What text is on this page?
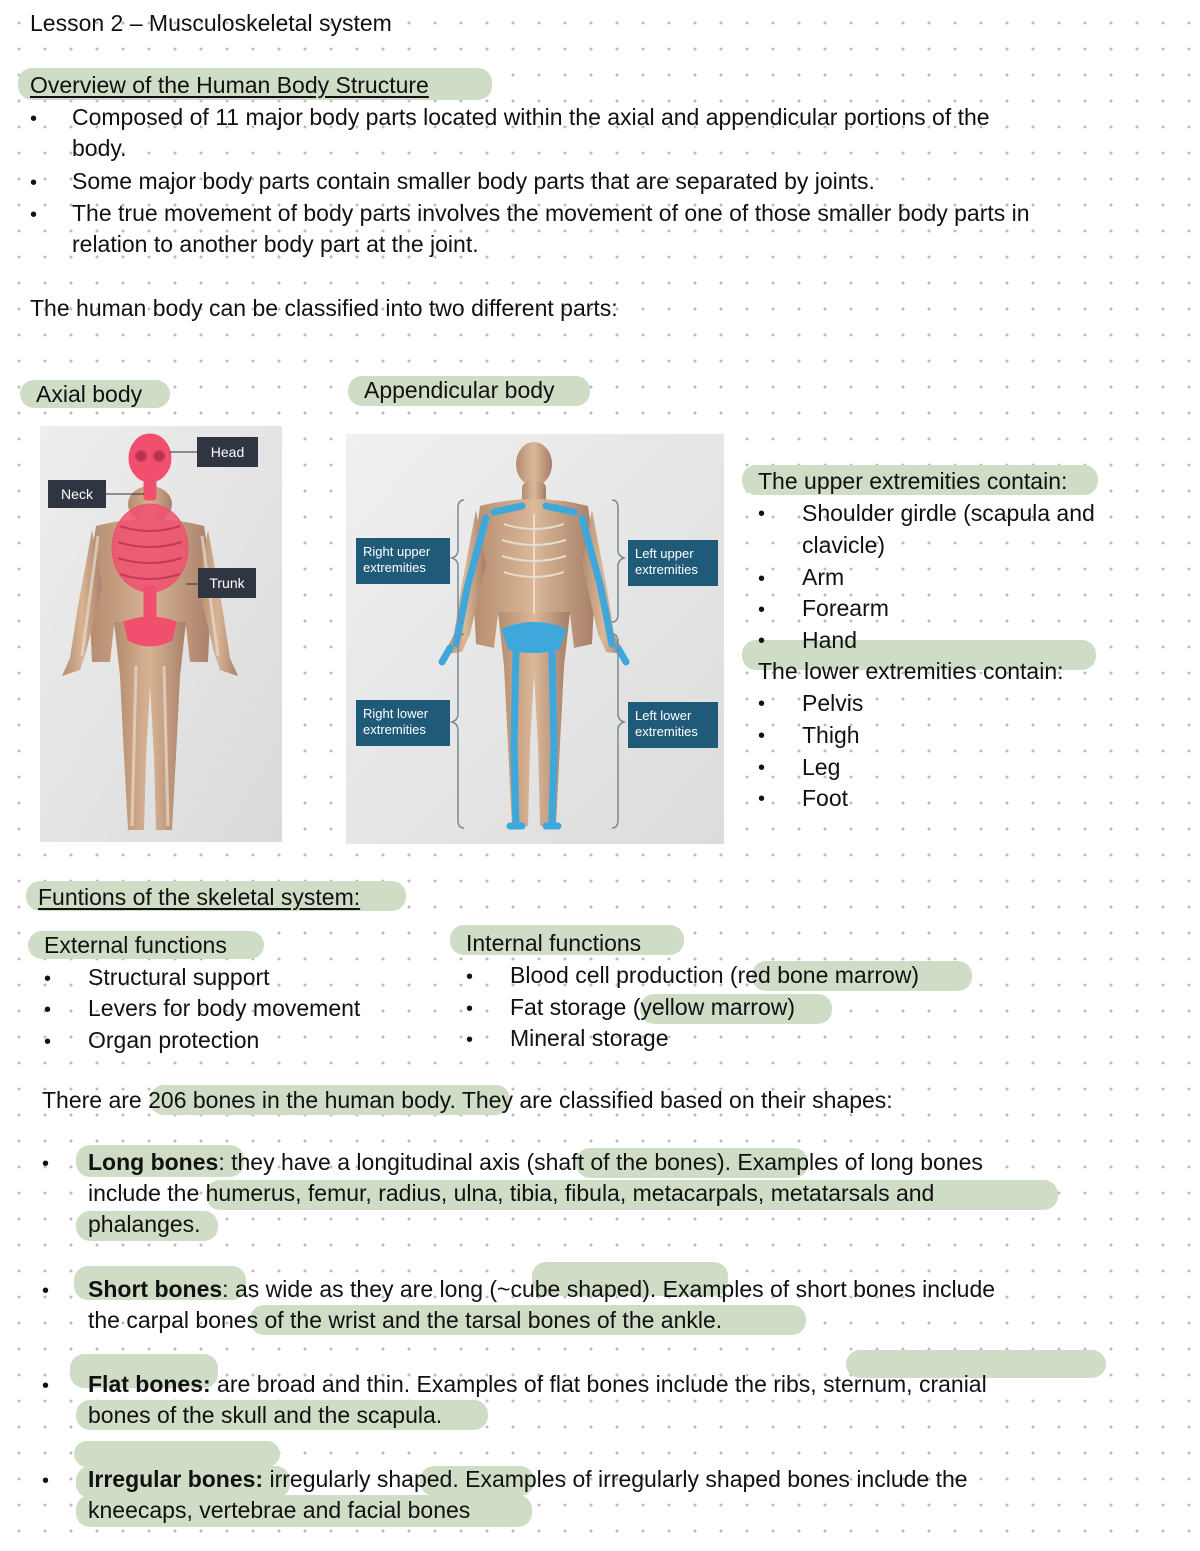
Lesson 2 – Musculoskeletal system
Overview of the Human Body Structure
• Composed of 11 major body parts located within the axial and appendicular portions of the
body.
• Some major body parts contain smaller body parts that are separated by joints.
• The true movement of body parts involves the movement of one of those smaller body parts in
relation to another body part at the joint.
The human body can be classified into two different parts:
Axial body	Appendicular body
Head
Neck
Trunk
Right upper
extremities
Left upper
extremities
Right lower
extremities
Left lower
extremities
The upper extremities contain:
• Shoulder girdle (scapula and
clavicle)
• Arm
• Forearm
• Hand
The lower extremities contain:
• Pelvis
• Thigh
• Leg
• Foot
Funtions of the skeletal system:
External functions
• Structural support
• Levers for body movement
• Organ protection
Internal functions
• Blood cell production (red bone marrow)
• Fat storage (yellow marrow)
• Mineral storage
There are 206 bones in the human body. They are classified based on their shapes:
• Long bones: they have a longitudinal axis (shaft of the bones). Examples of long bones
include the humerus, femur, radius, ulna, tibia, fibula, metacarpals, metatarsals and
phalanges.
• Short bones: as wide as they are long (~cube shaped). Examples of short bones include
the carpal bones of the wrist and the tarsal bones of the ankle.
• Flat bones: are broad and thin. Examples of flat bones include the ribs, sternum, cranial
bones of the skull and the scapula.
• Irregular bones: irregularly shaped. Examples of irregularly shaped bones include the
kneecaps, vertebrae and facial bones
